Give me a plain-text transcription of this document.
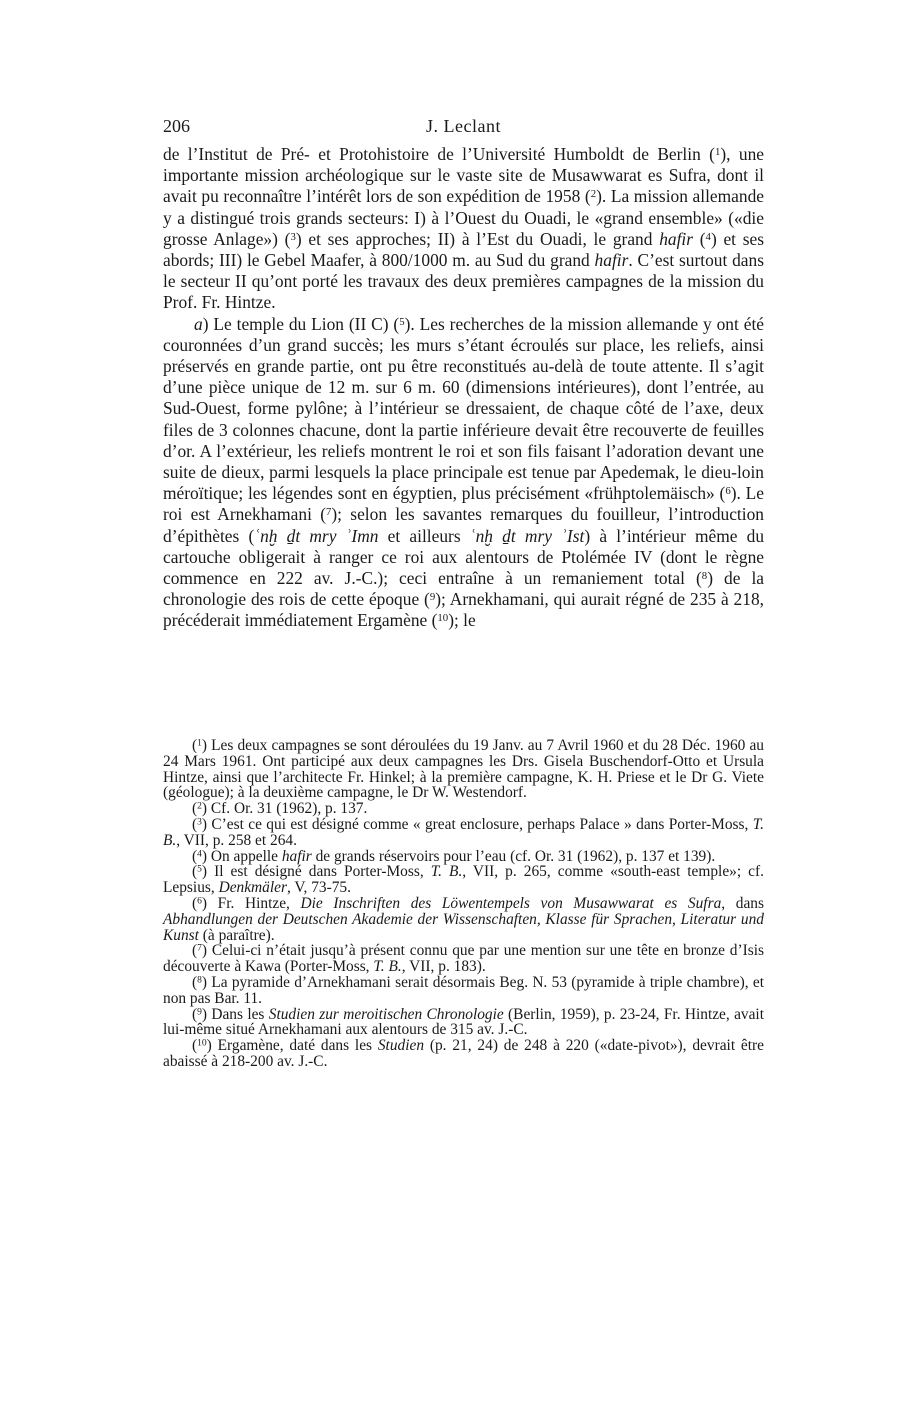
206	J. Leclant

de l’Institut de Pré- et Protohistoire de l’Université Humboldt de Berlin ($^1$), une importante mission archéologique sur le vaste site de Musawwarat es Sufra, dont il avait pu reconnaître l’intérêt lors de son expédition de 1958 ($^2$). La mission allemande y a distingué trois grands secteurs: I) à l’Ouest du Ouadi, le «grand ensemble» («die grosse Anlage») ($^3$) et ses approches; II) à l’Est du Ouadi, le grand hafir ($^4$) et ses abords; III) le Gebel Maafer, à 800/1000 m. au Sud du grand hafir. C’est surtout dans le secteur II qu’ont porté les travaux des deux premières campagnes de la mission du Prof. Fr. Hintze.

a) Le temple du Lion (II C) ($^5$). Les recherches de la mission allemande y ont été couronnées d’un grand succès; les murs s’étant écroulés sur place, les reliefs, ainsi préservés en grande partie, ont pu être reconstitués au-delà de toute attente. Il s’agit d’une pièce unique de 12 m. sur 6 m. 60 (dimensions intérieures), dont l’entrée, au Sud-Ouest, forme pylône; à l’intérieur se dressaient, de chaque côté de l’axe, deux files de 3 colonnes chacune, dont la partie inférieure devait être recouverte de feuilles d’or. A l’extérieur, les reliefs montrent le roi et son fils faisant l’adoration devant une suite de dieux, parmi lesquels la place principale est tenue par Apedemak, le dieu-loin méroïtique; les légendes sont en égyptien, plus précisément «frühptolemäisch» ($^6$). Le roi est Arnekhamani ($^7$); selon les savantes remarques du fouilleur, l’introduction d’épithètes (ʿnḫ ḏt mry ʾImn et ailleurs ʿnḫ ḏt mry ʾIst) à l’intérieur même du cartouche obligerait à ranger ce roi aux alentours de Ptolémée IV (dont le règne commence en 222 av. J.-C.); ceci entraîne à un remaniement total ($^8$) de la chronologie des rois de cette époque ($^9$); Arnekhamani, qui aurait régné de 235 à 218, précéderait immédiatement Ergamène ($^{10}$); le

($^1$) Les deux campagnes se sont déroulées du 19 Janv. au 7 Avril 1960 et du 28 Déc. 1960 au 24 Mars 1961. Ont participé aux deux campagnes les Drs. Gisela Buschendorf-Otto et Ursula Hintze, ainsi que l’architecte Fr. Hinkel; à la première campagne, K. H. Priese et le Dr G. Viete (géologue); à la deuxième campagne, le Dr W. Westendorf.

($^2$) Cf. Or. 31 (1962), p. 137.

($^3$) C’est ce qui est désigné comme « great enclosure, perhaps Palace » dans Porter-Moss, T. B., VII, p. 258 et 264.

($^4$) On appelle hafir de grands réservoirs pour l’eau (cf. Or. 31 (1962), p. 137 et 139).

($^5$) Il est désigné dans Porter-Moss, T. B., VII, p. 265, comme «south-east temple»; cf. Lepsius, Denkmäler, V, 73-75.

($^6$) Fr. Hintze, Die Inschriften des Löwentempels von Musawwarat es Sufra, dans Abhandlungen der Deutschen Akademie der Wissenschaften, Klasse für Sprachen, Literatur und Kunst (à paraître).

($^7$) Celui-ci n’était jusqu’à présent connu que par une mention sur une tête en bronze d’Isis découverte à Kawa (Porter-Moss, T. B., VII, p. 183).

($^8$) La pyramide d’Arnekhamani serait désormais Beg. N. 53 (pyramide à triple chambre), et non pas Bar. 11.

($^9$) Dans les Studien zur meroitischen Chronologie (Berlin, 1959), p. 23-24, Fr. Hintze, avait lui-même situé Arnekhamani aux alentours de 315 av. J.-C.

($^{10}$) Ergamène, daté dans les Studien (p. 21, 24) de 248 à 220 («date-pivot»), devrait être abaissé à 218-200 av. J.-C.
